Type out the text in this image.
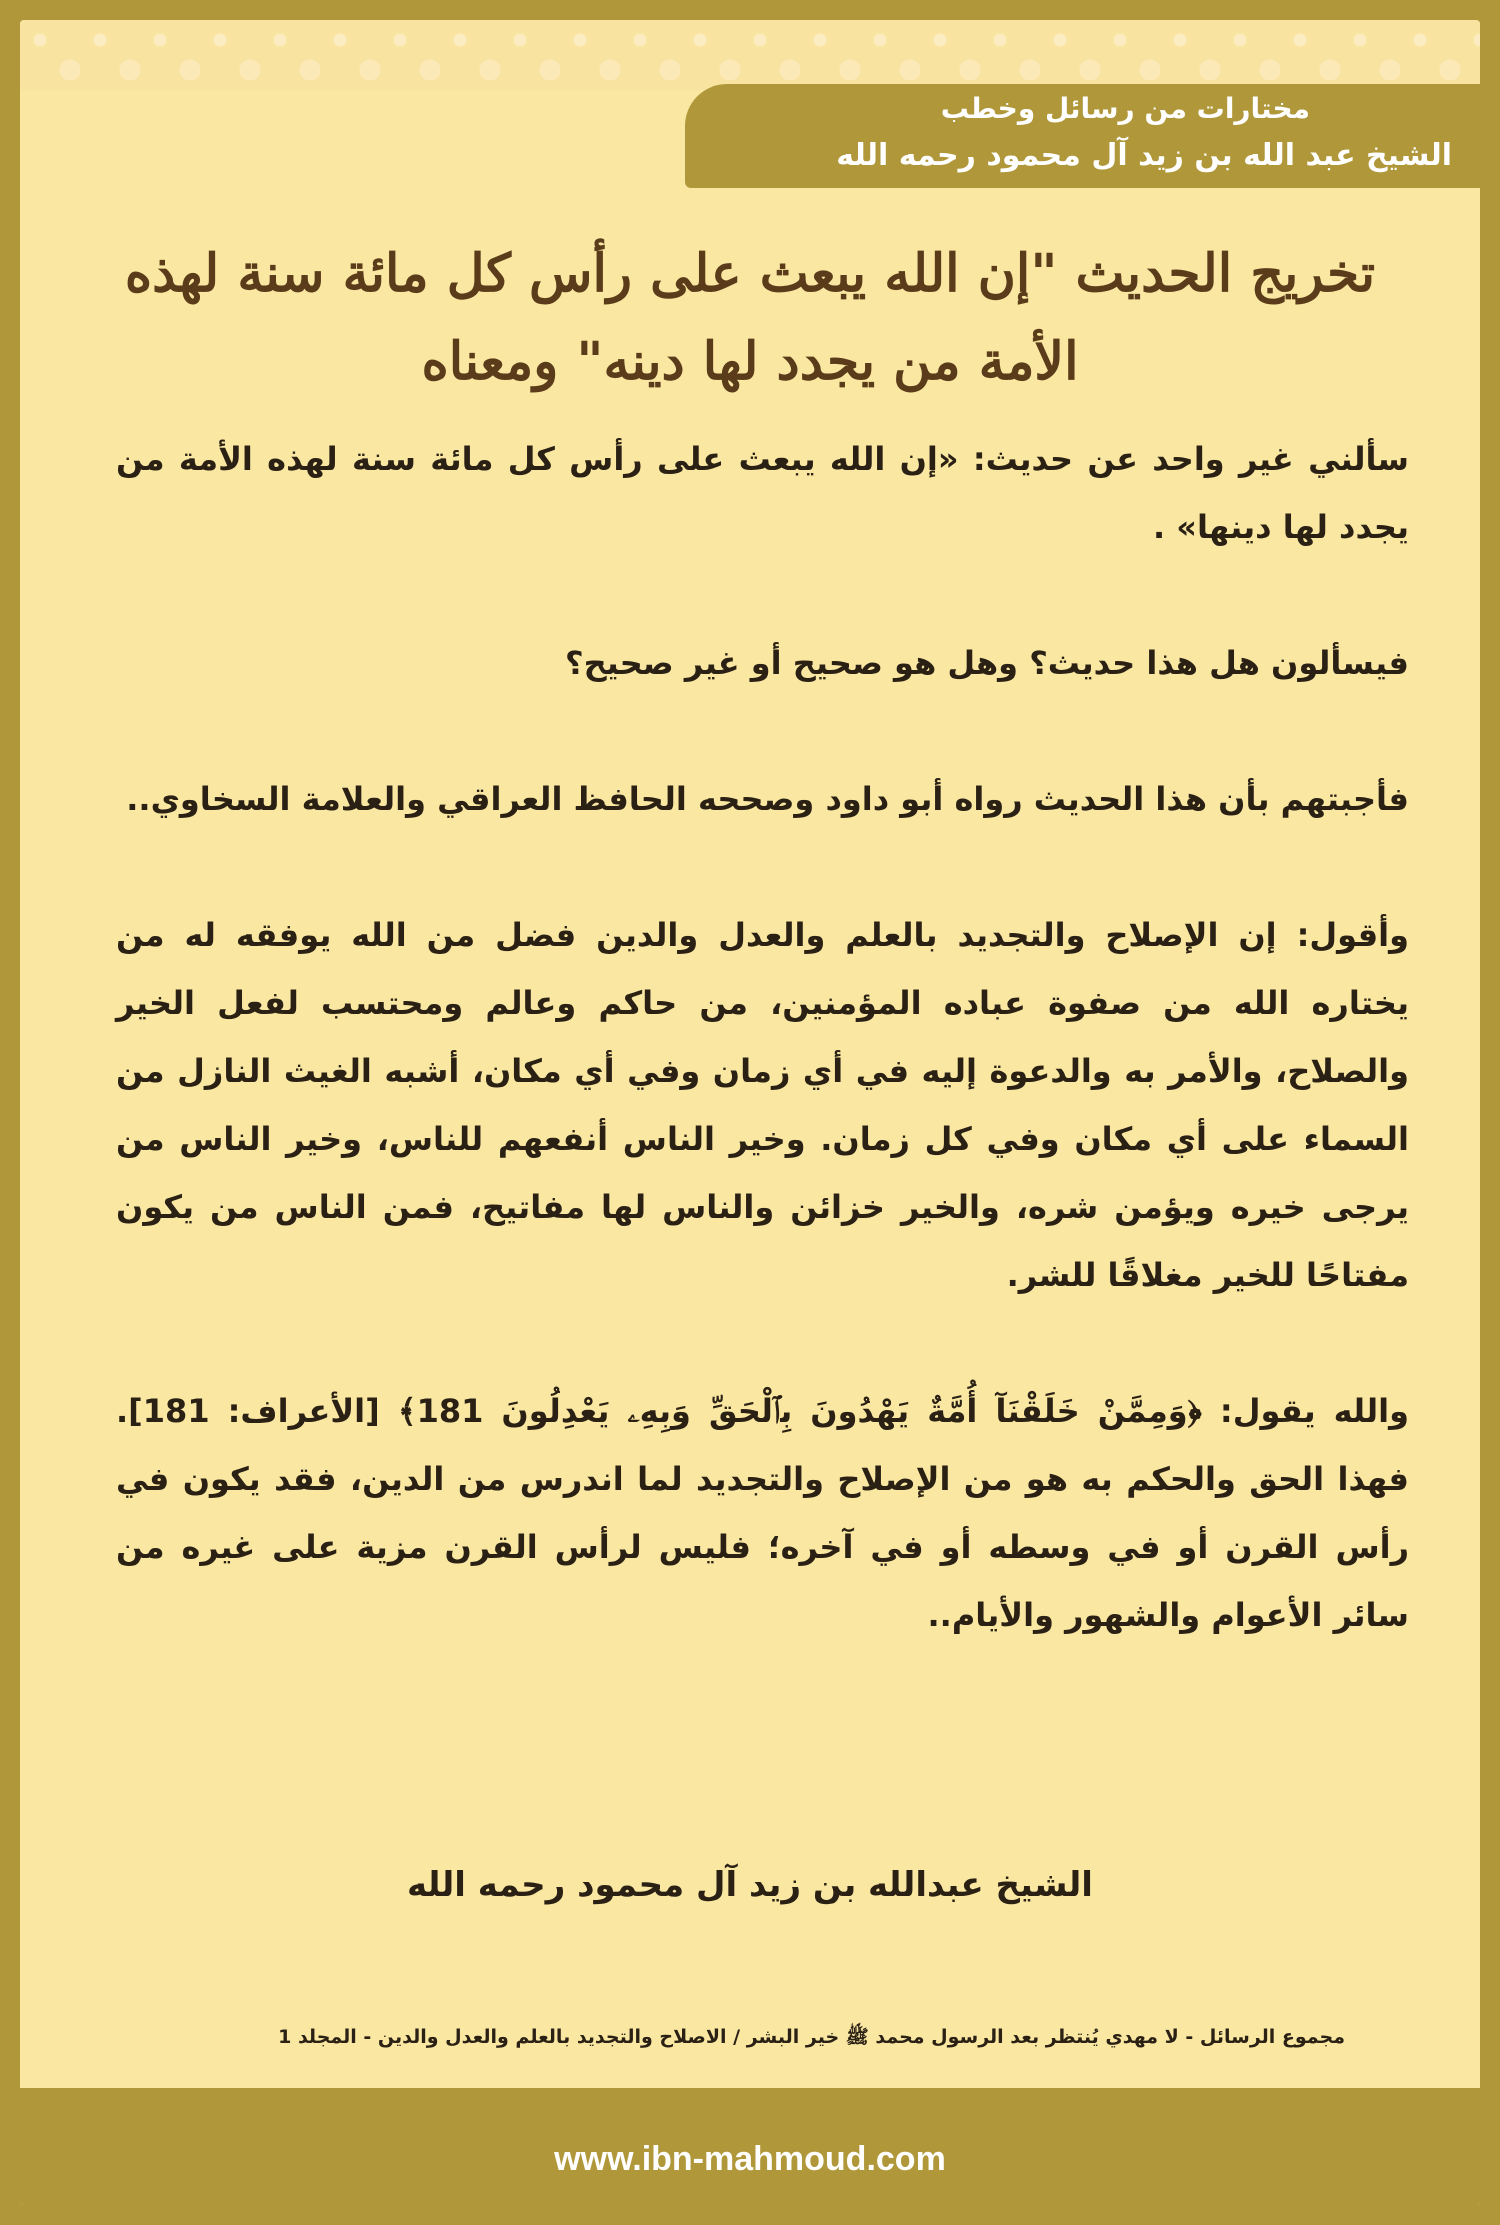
مختارات من رسائل وخطب
الشيخ عبد الله بن زيد آل محمود رحمه الله
تخريج الحديث "إن الله يبعث على رأس كل مائة سنة لهذه الأمة من يجدد لها دينه" ومعناه

سألني غير واحد عن حديث: «إن الله يبعث على رأس كل مائة سنة لهذه الأمة من يجدد لها دينها» .

فيسألون هل هذا حديث؟ وهل هو صحيح أو غير صحيح؟

فأجبتهم بأن هذا الحديث رواه أبو داود وصححه الحافظ العراقي والعلامة السخاوي..

وأقول: إن الإصلاح والتجديد بالعلم والعدل والدين فضل من الله يوفقه له من يختاره الله من صفوة عباده المؤمنين، من حاكم وعالم ومحتسب لفعل الخير والصلاح، والأمر به والدعوة إليه في أي زمان وفي أي مكان، أشبه الغيث النازل من السماء على أي مكان وفي كل زمان. وخير الناس أنفعهم للناس، وخير الناس من يرجى خيره ويؤمن شره، والخير خزائن والناس لها مفاتيح، فمن الناس من يكون مفتاحًا للخير مغلاقًا للشر.

والله يقول: ﴿وَمِمَّنْ خَلَقْنَآ أُمَّةٌ يَهْدُونَ بِٱلْحَقِّ وَبِهِۦ يَعْدِلُونَ 181﴾ [الأعراف: 181]. فهذا الحق والحكم به هو من الإصلاح والتجديد لما اندرس من الدين، فقد يكون في رأس القرن أو في وسطه أو في آخره؛ فليس لرأس القرن مزية على غيره من سائر الأعوام والشهور والأيام..

الشيخ عبدالله بن زيد آل محمود رحمه الله
مجموع الرسائل - لا مهدي يُنتظر بعد الرسول محمد ﷺ خير البشر / الاصلاح والتجديد بالعلم والعدل والدين - المجلد 1
www.ibn-mahmoud.com
